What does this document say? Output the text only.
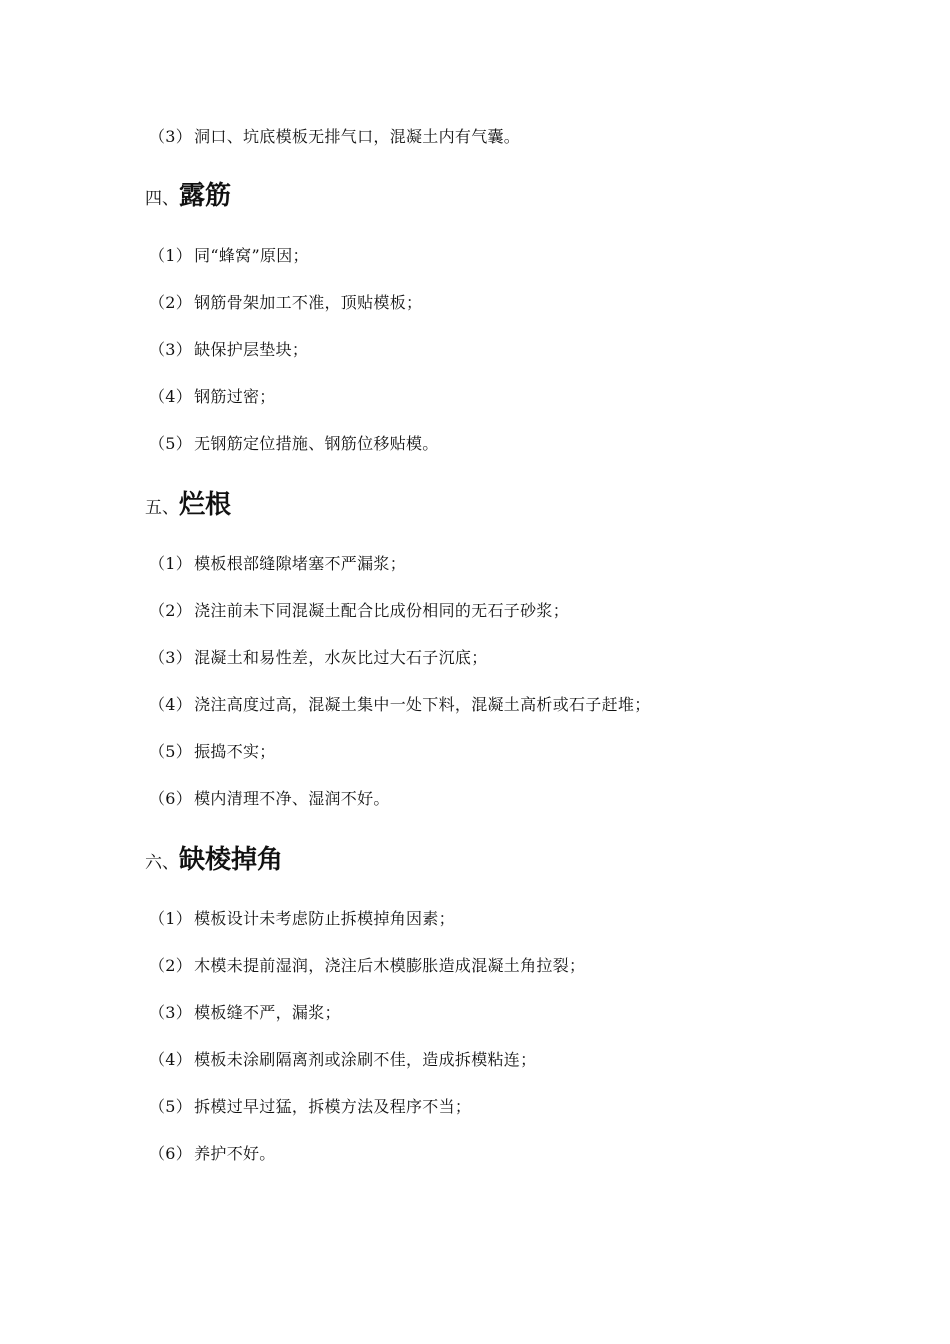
（3） 洞口、坑底模板无排气口，混凝土内有气囊。
四、露筋
（1） 同“蜂窝”原因；
（2） 钢筋骨架加工不准，顶贴模板；
（3） 缺保护层垫块；
（4） 钢筋过密；
（5） 无钢筋定位措施、钢筋位移贴模。
五、烂根
（1） 模板根部缝隙堵塞不严漏浆；
（2） 浇注前未下同混凝土配合比成份相同的无石子砂浆；
（3） 混凝土和易性差，水灰比过大石子沉底；
（4） 浇注高度过高，混凝土集中一处下料，混凝土高析或石子赶堆；
（5） 振捣不实；
（6） 模内清理不净、湿润不好。
六、缺棱掉角
（1） 模板设计未考虑防止拆模掉角因素；
（2） 木模未提前湿润，浇注后木模膨胀造成混凝土角拉裂；
（3） 模板缝不严，漏浆；
（4） 模板未涂刷隔离剂或涂刷不佳，造成拆模粘连；
（5） 拆模过早过猛，拆模方法及程序不当；
（6） 养护不好。
